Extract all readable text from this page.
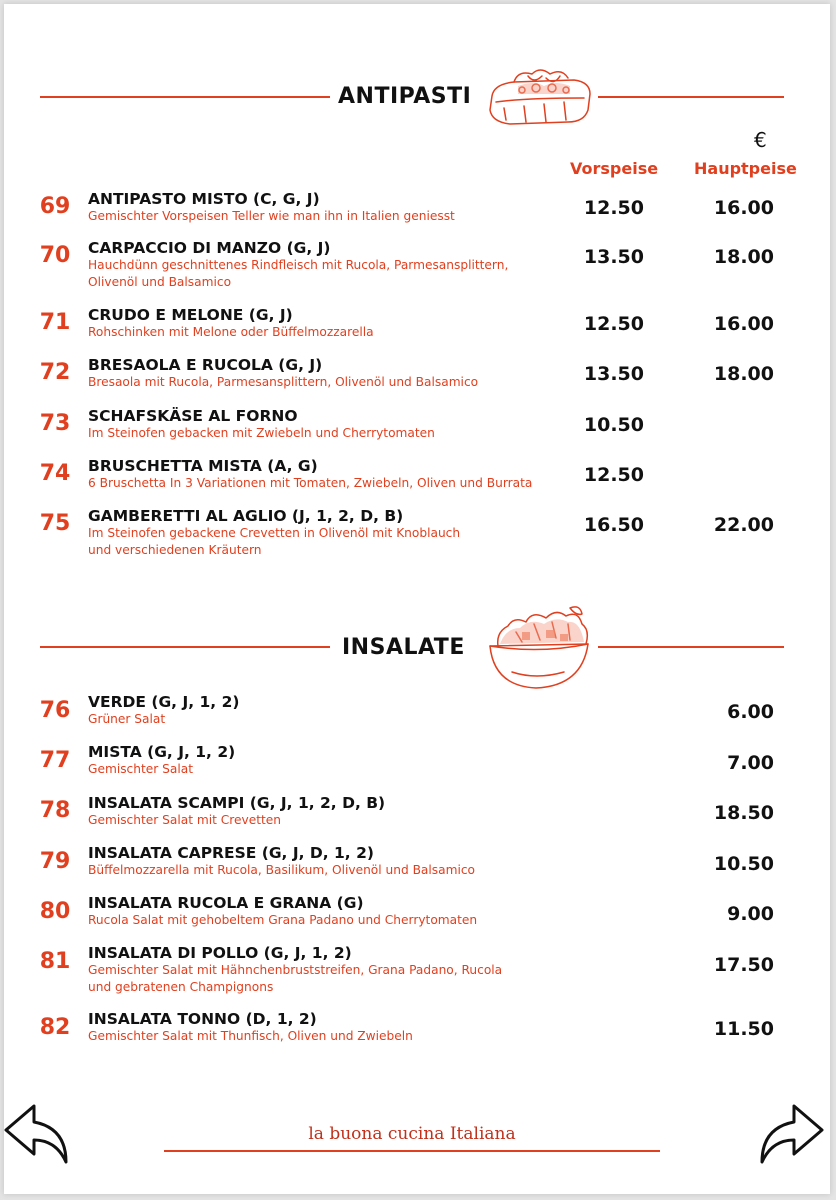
ANTIPASTI
€
Vorspeise Hauptpeise
69	ANTIPASTO MISTO (C, G, J)
Gemischter Vorspeisen Teller wie man ihn in Italien geniesst	12.50	16.00
70	CARPACCIO DI MANZO (G, J)
Hauchdünn geschnittenes Rindfleisch mit Rucola, Parmesansplittern,
Olivenöl und Balsamico
13.50	18.00
71	CRUDO E MELONE (G, J)
Rohschinken mit Melone oder Büffelmozzarella	12.50	16.00
72	BRESAOLA E RUCOLA (G, J)
Bresaola mit Rucola, Parmesansplittern, Olivenöl und Balsamico	13.50	18.00
73	SCHAFSKÄSE AL FORNO
Im Steinofen gebacken mit Zwiebeln und Cherrytomaten	10.50
74	BRUSCHETTA MISTA (A, G)
6 Bruschetta In 3 Variationen mit Tomaten, Zwiebeln, Oliven und Burrata	12.50
75	GAMBERETTI AL AGLIO (J, 1, 2, D, B)
Im Steinofen gebackene Crevetten in Olivenöl mit Knoblauch
und verschiedenen Kräutern
16.50	22.00
INSALATE
76	VERDE (G, J, 1, 2)
Grüner Salat	6.00
77	MISTA (G, J, 1, 2)
Gemischter Salat	7.00
78	INSALATA SCAMPI (G, J, 1, 2, D, B)
Gemischter Salat mit Crevetten	18.50
79	INSALATA CAPRESE (G, J, D, 1, 2)
Büffelmozzarella mit Rucola, Basilikum, Olivenöl und Balsamico	10.50
80	INSALATA RUCOLA E GRANA (G)
Rucola Salat mit gehobeltem Grana Padano und Cherrytomaten	9.00
81	INSALATA DI POLLO (G, J, 1, 2)
Gemischter Salat mit Hähnchenbruststreifen, Grana Padano, Rucola
und gebratenen Champignons
17.50
82	INSALATA TONNO (D, 1, 2)
Gemischter Salat mit Thunfisch, Oliven und Zwiebeln	11.50
la buona cucina Italiana
